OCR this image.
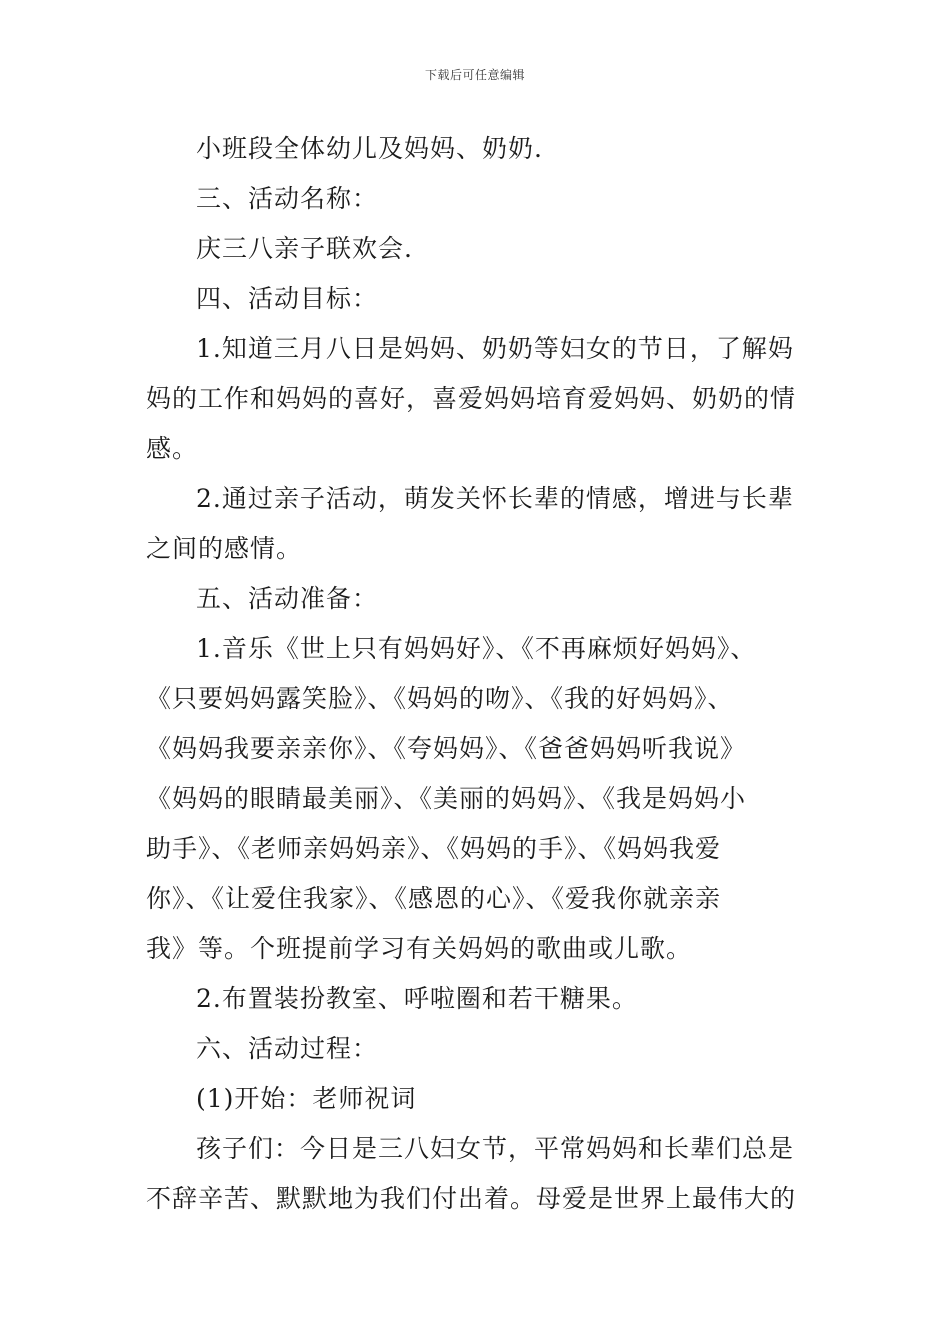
下载后可任意编辑
小班段全体幼儿及妈妈、奶奶.
三、活动名称：
庆三八亲子联欢会.
四、活动目标：
1.知道三月八日是妈妈、奶奶等妇女的节日，了解妈
妈的工作和妈妈的喜好，喜爱妈妈培育爱妈妈、奶奶的情
感。
2.通过亲子活动，萌发关怀长辈的情感，增进与长辈
之间的感情。
五、活动准备：
1.音乐《世上只有妈妈好》、《不再麻烦好妈妈》、
《只要妈妈露笑脸》、《妈妈的吻》、《我的好妈妈》、
《妈妈我要亲亲你》、《夸妈妈》、《爸爸妈妈听我说》
《妈妈的眼睛最美丽》、《美丽的妈妈》、《我是妈妈小
助手》、《老师亲妈妈亲》、《妈妈的手》、《妈妈我爱
你》、《让爱住我家》、《感恩的心》、《爱我你就亲亲
我》等。个班提前学习有关妈妈的歌曲或儿歌。
2.布置装扮教室、呼啦圈和若干糖果。
六、活动过程：
(1)开始：老师祝词
孩子们：今日是三八妇女节，平常妈妈和长辈们总是
不辞辛苦、默默地为我们付出着。母爱是世界上最伟大的
